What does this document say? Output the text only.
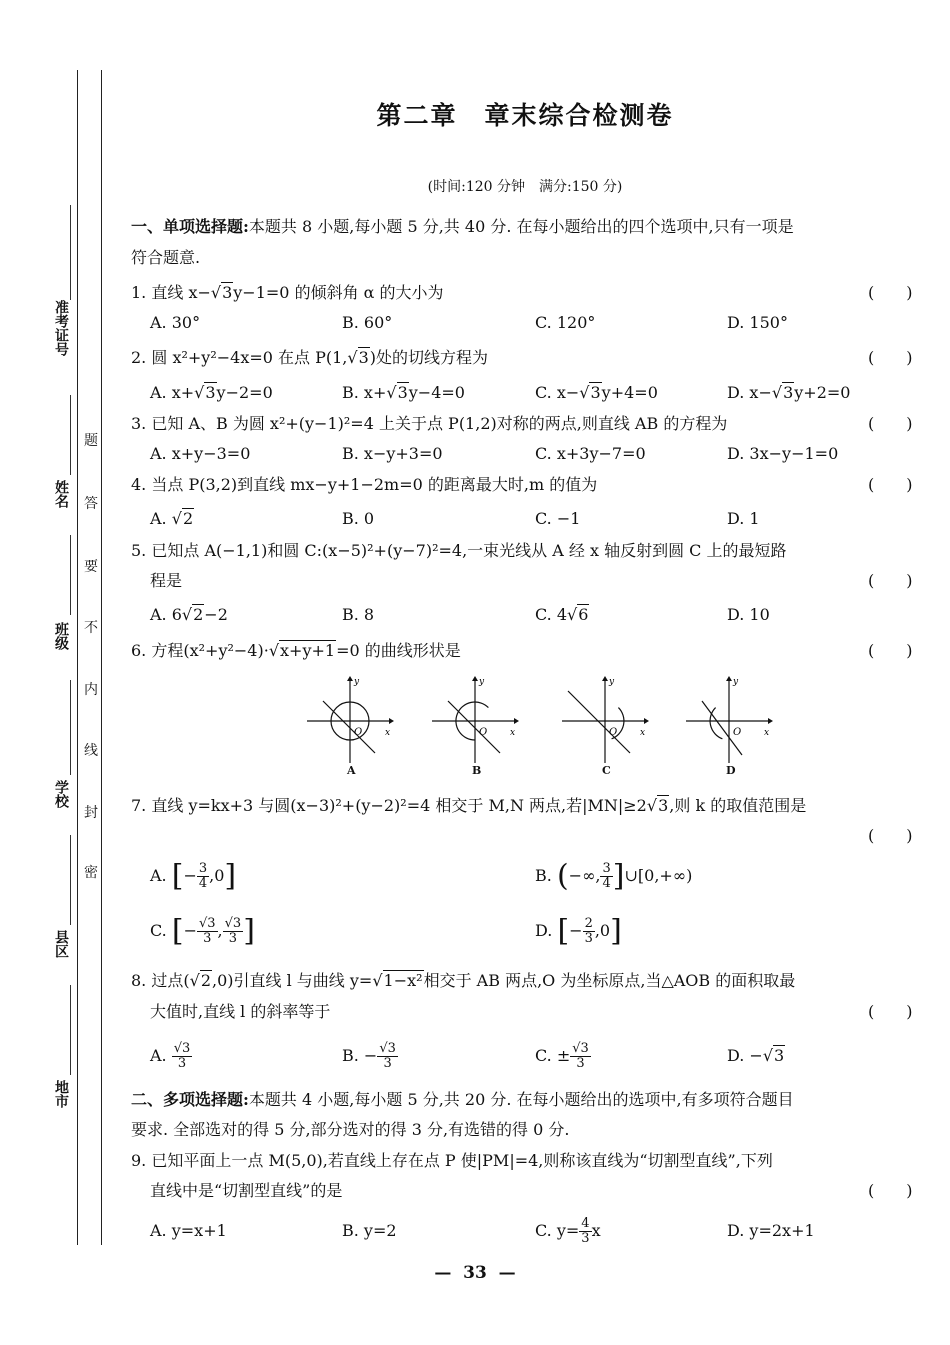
准考证号
姓名
班级
学校
县区
地市
题
答
要
不
内
线
封
密
第二章　章末综合检测卷
(时间:120 分钟　满分:150 分)
一、单项选择题:本题共 8 小题,每小题 5 分,共 40 分. 在每小题给出的四个选项中,只有一项是
符合题意.
1. 直线 x−√3y−1=0 的倾斜角 α 的大小为	(　　)
A. 30°	B. 60°	C. 120°	D. 150°
2. 圆 x²+y²−4x=0 在点 P(1,√3)处的切线方程为	(　　)
A. x+√3y−2=0	B. x+√3y−4=0	C. x−√3y+4=0	D. x−√3y+2=0
3. 已知 A、B 为圆 x²+(y−1)²=4 上关于点 P(1,2)对称的两点,则直线 AB 的方程为	(　　)
A. x+y−3=0	B. x−y+3=0	C. x+3y−7=0	D. 3x−y−1=0
4. 当点 P(3,2)到直线 mx−y+1−2m=0 的距离最大时,m 的值为	(　　)
A. √2	B. 0	C. −1	D. 1
5. 已知点 A(−1,1)和圆 C:(x−5)²+(y−7)²=4,一束光线从 A 经 x 轴反射到圆 C 上的最短路
程是	(　　)
A. 6√2−2	B. 8	C. 4√6	D. 10
6. 方程(x²+y²−4)·√x+y+1=0 的曲线形状是	(　　)
y
x
O
y
x
O
y
x
O
y
x
O
A	B	C	D
7. 直线 y=kx+3 与圆(x−3)²+(y−2)²=4 相交于 M,N 两点,若|MN|≥2√3,则 k 的取值范围是
(　　)
A. [− $\frac{3}{4} ,0$]	B. (−∞, $\frac{3}{4}$ ]∪[0,+∞)
C. [− $\frac{√3}{3}$ , $\frac{√3}{3}$ ]	D. [− $\frac{2}{3} ,0$]
8. 过点(√2,0)引直线 l 与曲线 y=√1−x²相交于 AB 两点,O 为坐标原点,当△AOB 的面积取最
大值时,直线 l 的斜率等于	(　　)
A. $\frac{√3}{3}$	B. − $\frac{√3}{3}$	C. ± $\frac{√3}{3}$	D. −√3
二、多项选择题:本题共 4 小题,每小题 5 分,共 20 分. 在每小题给出的选项中,有多项符合题目
要求. 全部选对的得 5 分,部分选对的得 3 分,有选错的得 0 分.
9. 已知平面上一点 M(5,0),若直线上存在点 P 使|PM|=4,则称该直线为“切割型直线”,下列
直线中是“切割型直线”的是	(　　)
A. y=x+1	B. y=2	C. $y= \frac{4}{3}$ x	D. y=2x+1
—  33  —
